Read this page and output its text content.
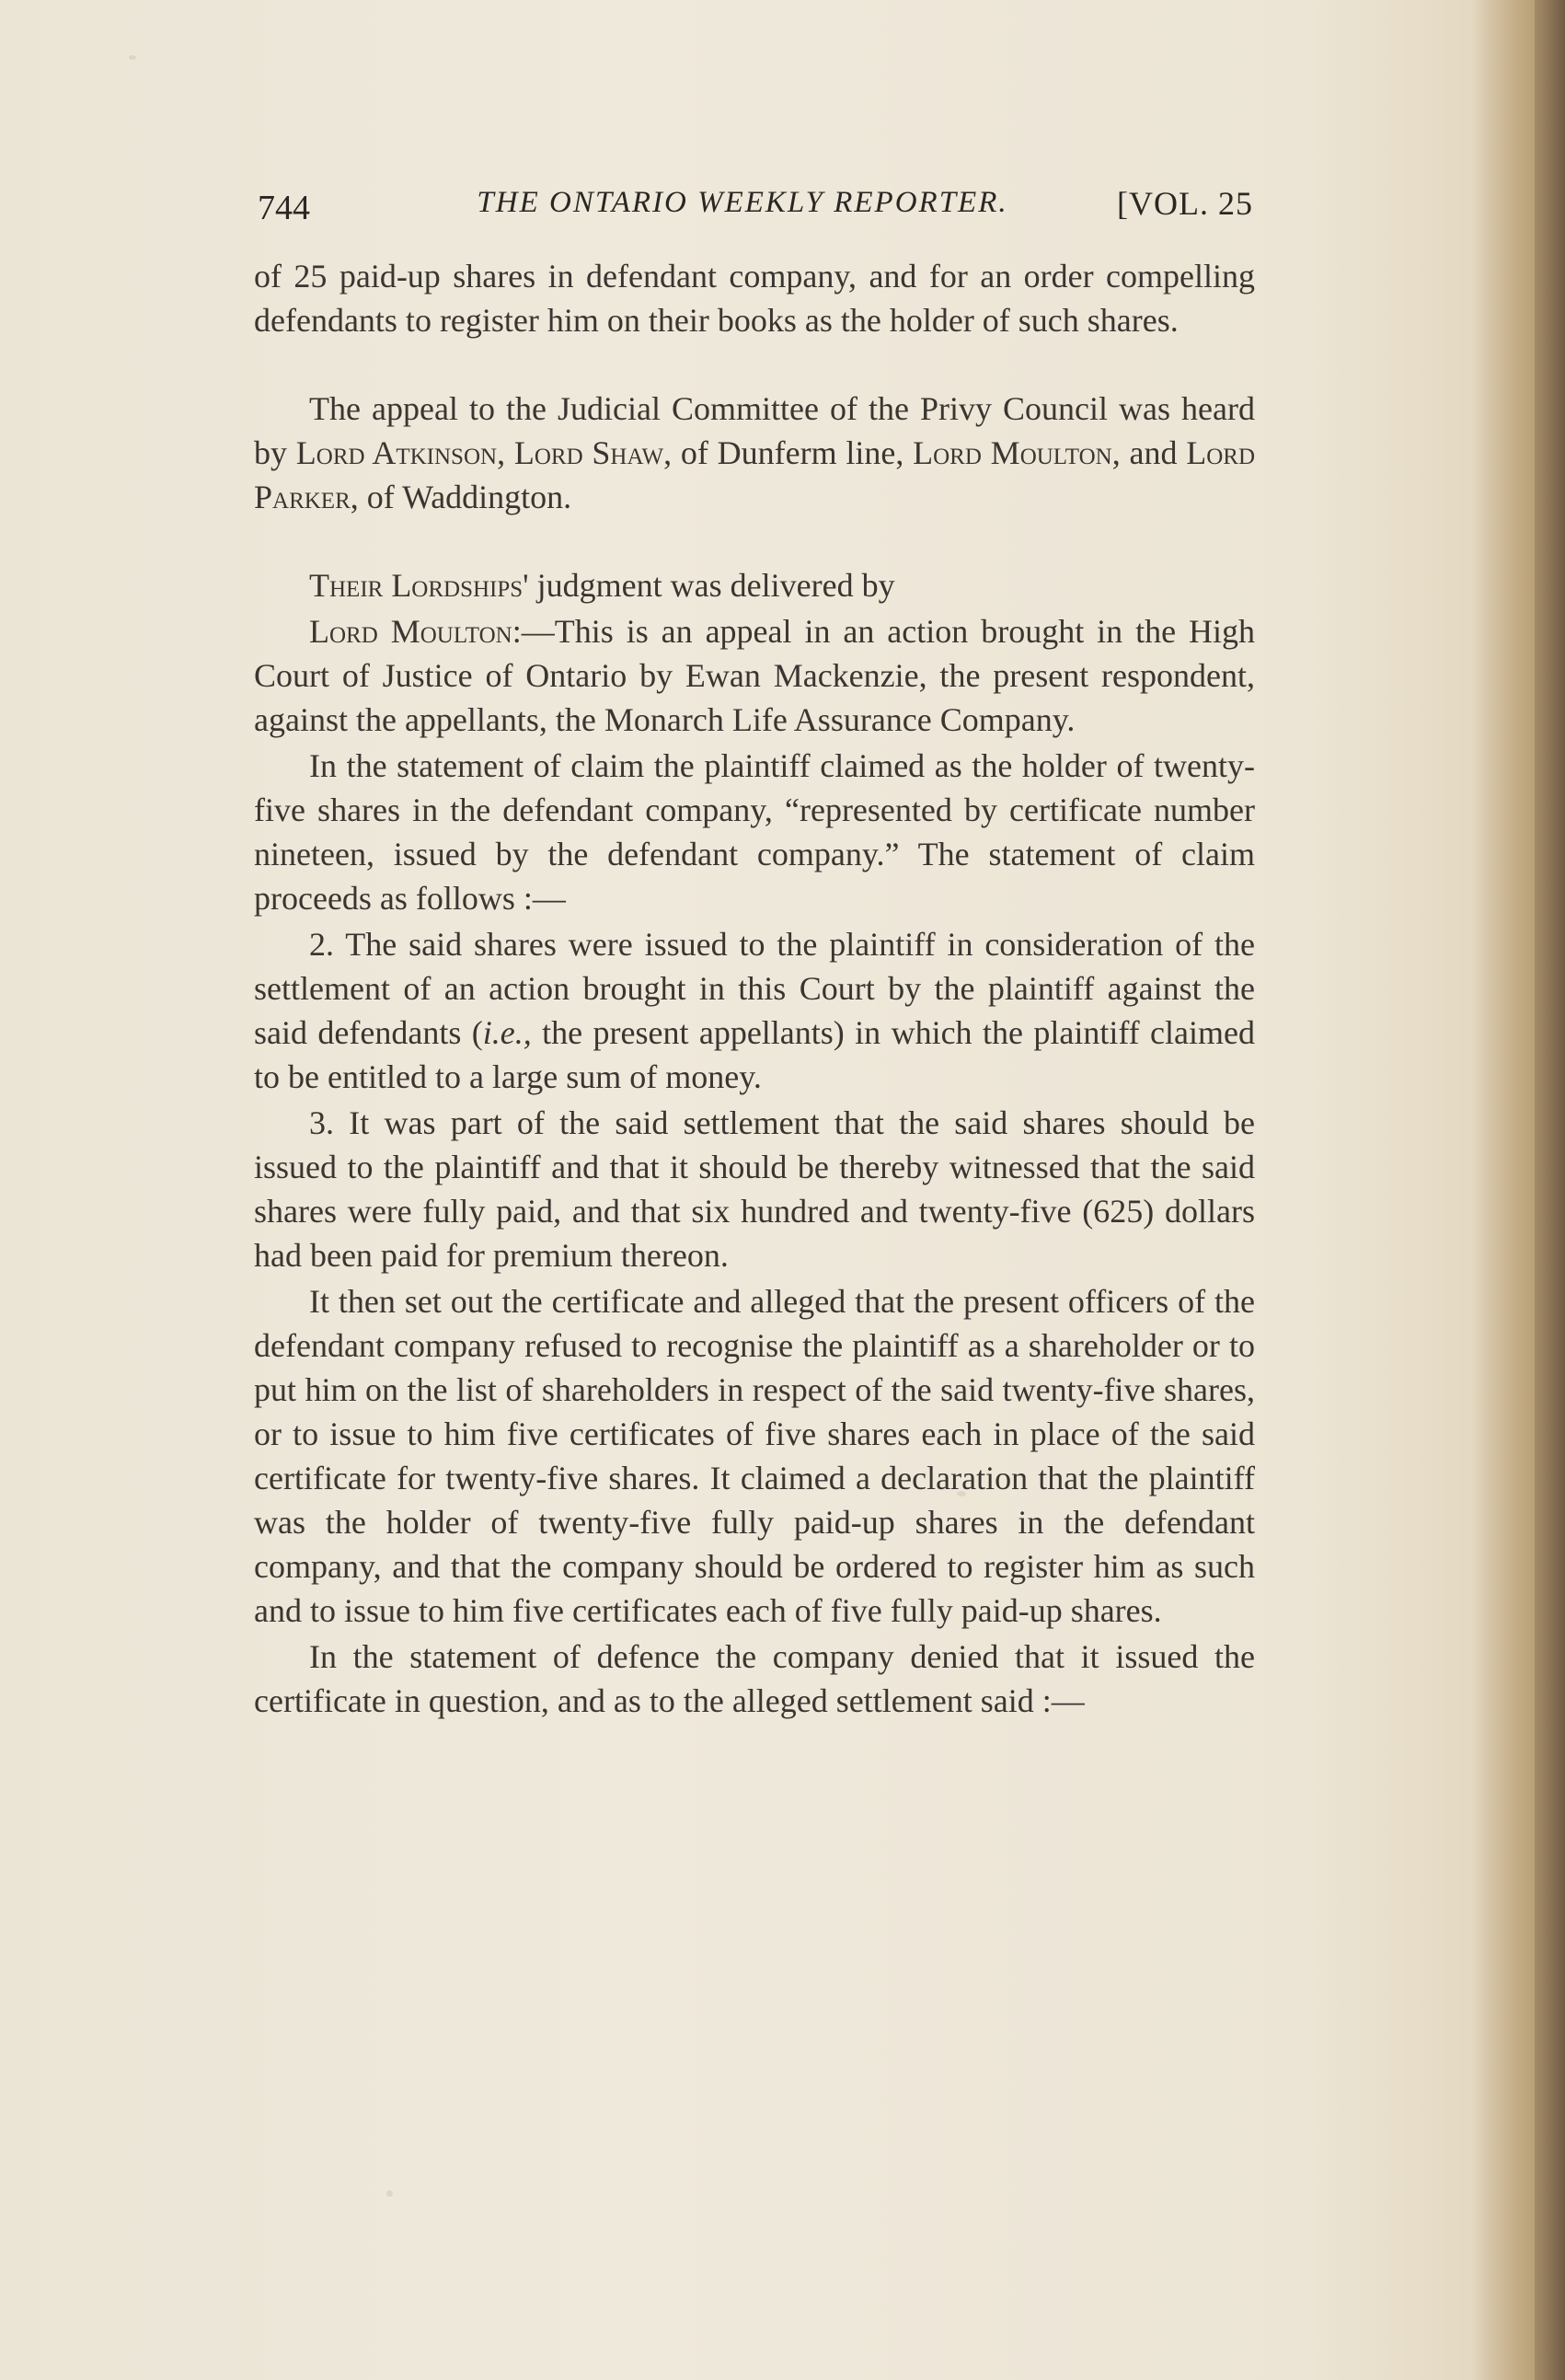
744	THE ONTARIO WEEKLY REPORTER.	[VOL. 25

of 25 paid-up shares in defendant company, and for an order compelling defendants to register him on their books as the holder of such shares.

The appeal to the Judicial Committee of the Privy Council was heard by Lord Atkinson, Lord Shaw, of Dunferm line, Lord Moulton, and Lord Parker, of Waddington.

Their Lordships' judgment was delivered by

Lord Moulton:—This is an appeal in an action brought in the High Court of Justice of Ontario by Ewan Mackenzie, the present respondent, against the appellants, the Monarch Life Assurance Company.

In the statement of claim the plaintiff claimed as the holder of twenty-five shares in the defendant company, “represented by certificate number nineteen, issued by the defendant company.” The statement of claim proceeds as follows :—

2. The said shares were issued to the plaintiff in consideration of the settlement of an action brought in this Court by the plaintiff against the said defendants (i.e., the present appellants) in which the plaintiff claimed to be entitled to a large sum of money.

3. It was part of the said settlement that the said shares should be issued to the plaintiff and that it should be thereby witnessed that the said shares were fully paid, and that six hundred and twenty-five (625) dollars had been paid for premium thereon.

It then set out the certificate and alleged that the present officers of the defendant company refused to recognise the plaintiff as a shareholder or to put him on the list of shareholders in respect of the said twenty-five shares, or to issue to him five certificates of five shares each in place of the said certificate for twenty-five shares. It claimed a declaration that the plaintiff was the holder of twenty-five fully paid-up shares in the defendant company, and that the company should be ordered to register him as such and to issue to him five certificates each of five fully paid-up shares.

In the statement of defence the company denied that it issued the certificate in question, and as to the alleged settlement said :—
